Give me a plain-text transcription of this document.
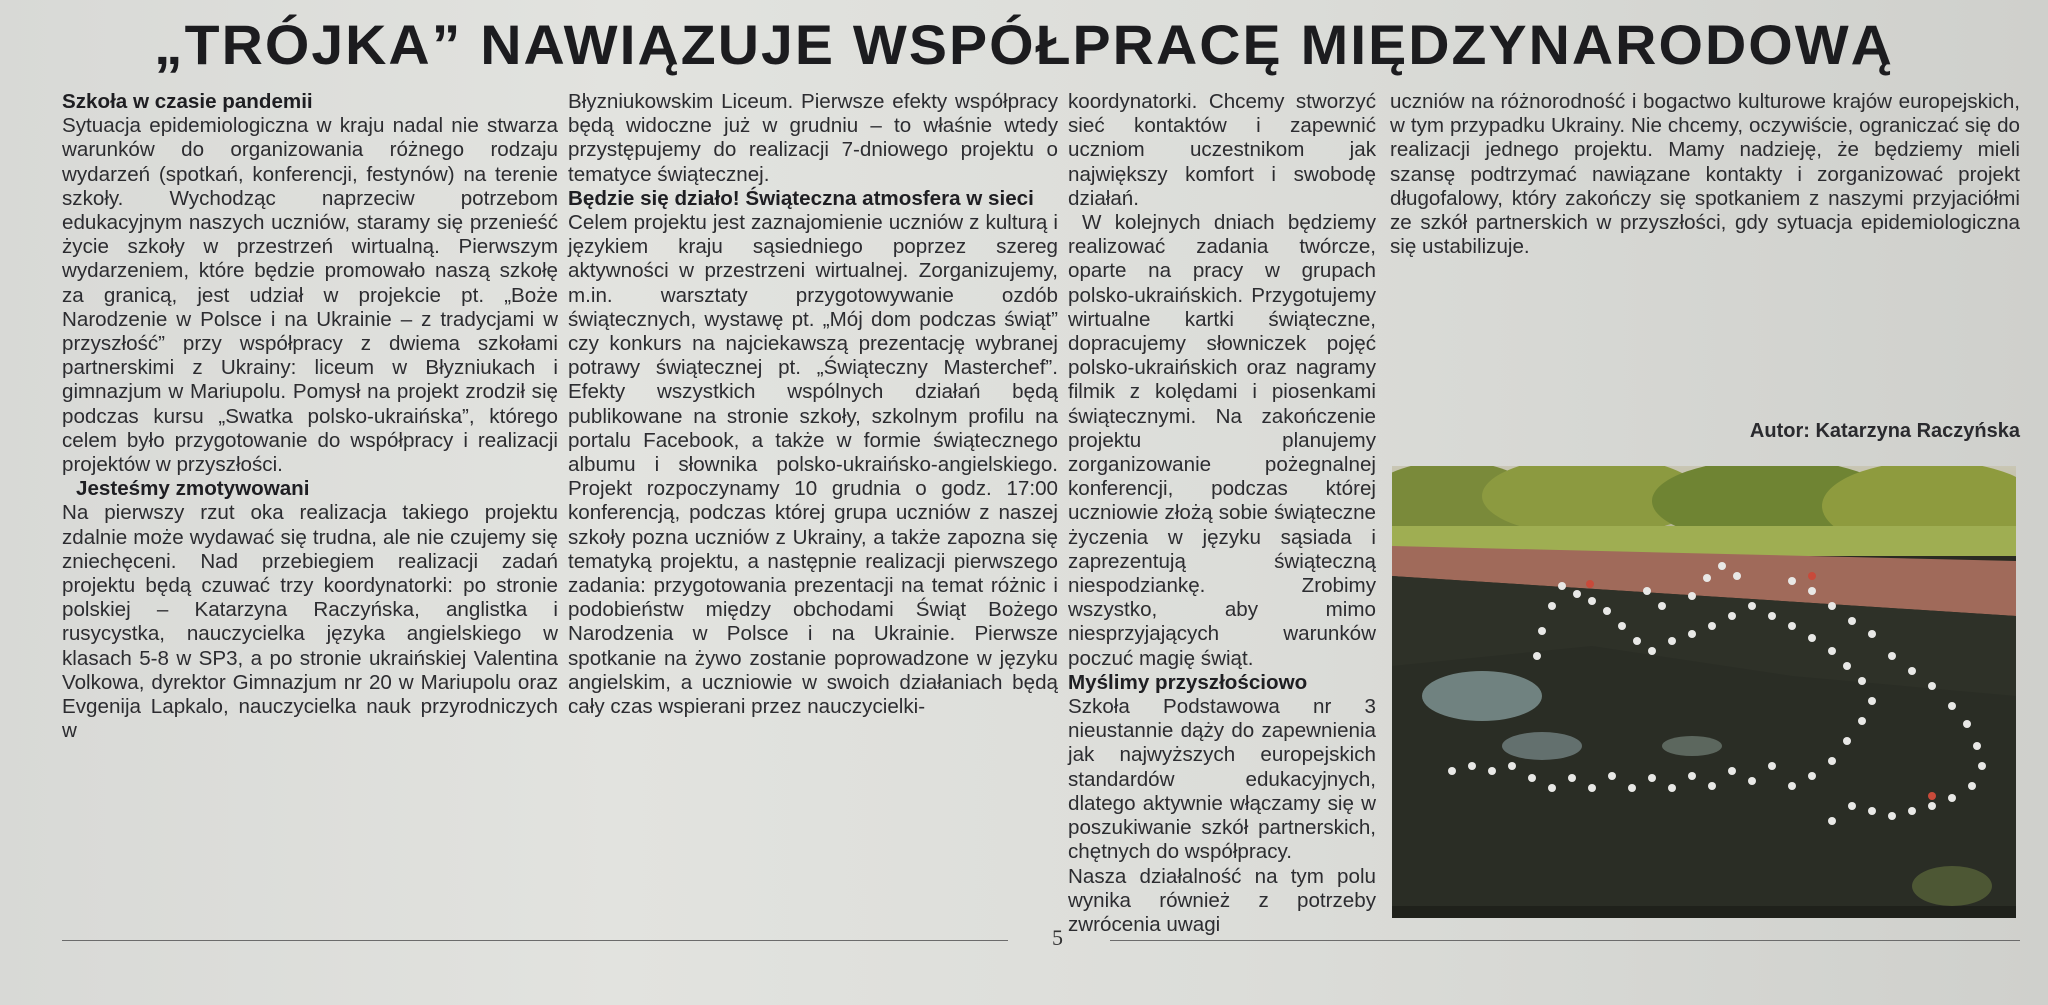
„TRÓJKA” NAWIĄZUJE WSPÓŁPRACĘ MIĘDZYNARODOWĄ

Szkoła w czasie pandemii

Sytuacja epidemiologiczna w kraju nadal nie stwarza warunków do organizowania różnego rodzaju wydarzeń (spotkań, konferencji, festynów) na terenie szkoły. Wychodząc naprzeciw potrzebom edukacyjnym naszych uczniów, staramy się przenieść życie szkoły w przestrzeń wirtualną. Pierwszym wydarzeniem, które będzie promowało naszą szkołę za granicą, jest udział w projekcie pt. „Boże Narodzenie w Polsce i na Ukrainie – z tradycjami w przyszłość” przy współpracy z dwiema szkołami partnerskimi z Ukrainy: liceum w Błyzniukach i gimnazjum w Mariupolu. Pomysł na projekt zrodził się podczas kursu „Swatka polsko-ukraińska”, którego celem było przygotowanie do współpracy i realizacji projektów w przyszłości.

Jesteśmy zmotywowani

Na pierwszy rzut oka realizacja takiego projektu zdalnie może wydawać się trudna, ale nie czujemy się zniechęceni. Nad przebiegiem realizacji zadań projektu będą czuwać trzy koordynatorki: po stronie polskiej – Katarzyna Raczyńska, anglistka i rusycystka, nauczycielka języka angielskiego w klasach 5-8 w SP3, a po stronie ukraińskiej Valentina Volkowa, dyrektor Gimnazjum nr 20 w Mariupolu oraz Evgenija Lapkalo, nauczycielka nauk przyrodniczych w

Błyzniukowskim Liceum. Pierwsze efekty współpracy będą widoczne już w grudniu – to właśnie wtedy przystępujemy do realizacji 7-dniowego projektu o tematyce świątecznej.

Będzie się działo! Świąteczna atmosfera w sieci

Celem projektu jest zaznajomienie uczniów z kulturą i językiem kraju sąsiedniego poprzez szereg aktywności w przestrzeni wirtualnej. Zorganizujemy, m.in. warsztaty przygotowywanie ozdób świątecznych, wystawę pt. „Mój dom podczas świąt” czy konkurs na najciekawszą prezentację wybranej potrawy świątecznej pt. „Świąteczny Masterchef”. Efekty wszystkich wspólnych działań będą publikowane na stronie szkoły, szkolnym profilu na portalu Facebook, a także w formie świątecznego albumu i słownika polsko-ukraińsko-angielskiego. Projekt rozpoczynamy 10 grudnia o godz. 17:00 konferencją, podczas której grupa uczniów z naszej szkoły pozna uczniów z Ukrainy, a także zapozna się tematyką projektu, a następnie realizacji pierwszego zadania: przygotowania prezentacji na temat różnic i podobieństw między obchodami Świąt Bożego Narodzenia w Polsce i na Ukrainie. Pierwsze spotkanie na żywo zostanie poprowadzone w języku angielskim, a uczniowie w swoich działaniach będą cały czas wspierani przez nauczycielki-

koordynatorki. Chcemy stworzyć sieć kontaktów i zapewnić uczniom uczestnikom jak największy komfort i swobodę działań.

W kolejnych dniach będziemy realizować zadania twórcze, oparte na pracy w grupach polsko-ukraińskich. Przygotujemy wirtualne kartki świąteczne, dopracujemy słowniczek pojęć polsko-ukraińskich oraz nagramy filmik z kolędami i piosenkami świątecznymi. Na zakończenie projektu planujemy zorganizowanie pożegnalnej konferencji, podczas której uczniowie złożą sobie świąteczne życzenia w języku sąsiada i zaprezentują świąteczną niespodziankę. Zrobimy wszystko, aby mimo niesprzyjających warunków poczuć magię świąt.

Myślimy przyszłościowo

Szkoła Podstawowa nr 3 nieustannie dąży do zapewnienia jak najwyższych europejskich standardów edukacyjnych, dlatego aktywnie włączamy się w poszukiwanie szkół partnerskich, chętnych do współpracy.

Nasza działalność na tym polu wynika również z potrzeby zwrócenia uwagi

uczniów na różnorodność i bogactwo kulturowe krajów europejskich, w tym przypadku Ukrainy. Nie chcemy, oczywiście, ograniczać się do realizacji jednego projektu. Mamy nadzieję, że będziemy mieli szansę podtrzymać nawiązane kontakty i zorganizować projekt długofalowy, który zakończy się spotkaniem z naszymi przyjaciółmi ze szkół partnerskich w przyszłości, gdy sytuacja epidemiologiczna się ustabilizuje.

Autor: Katarzyna Raczyńska
5
